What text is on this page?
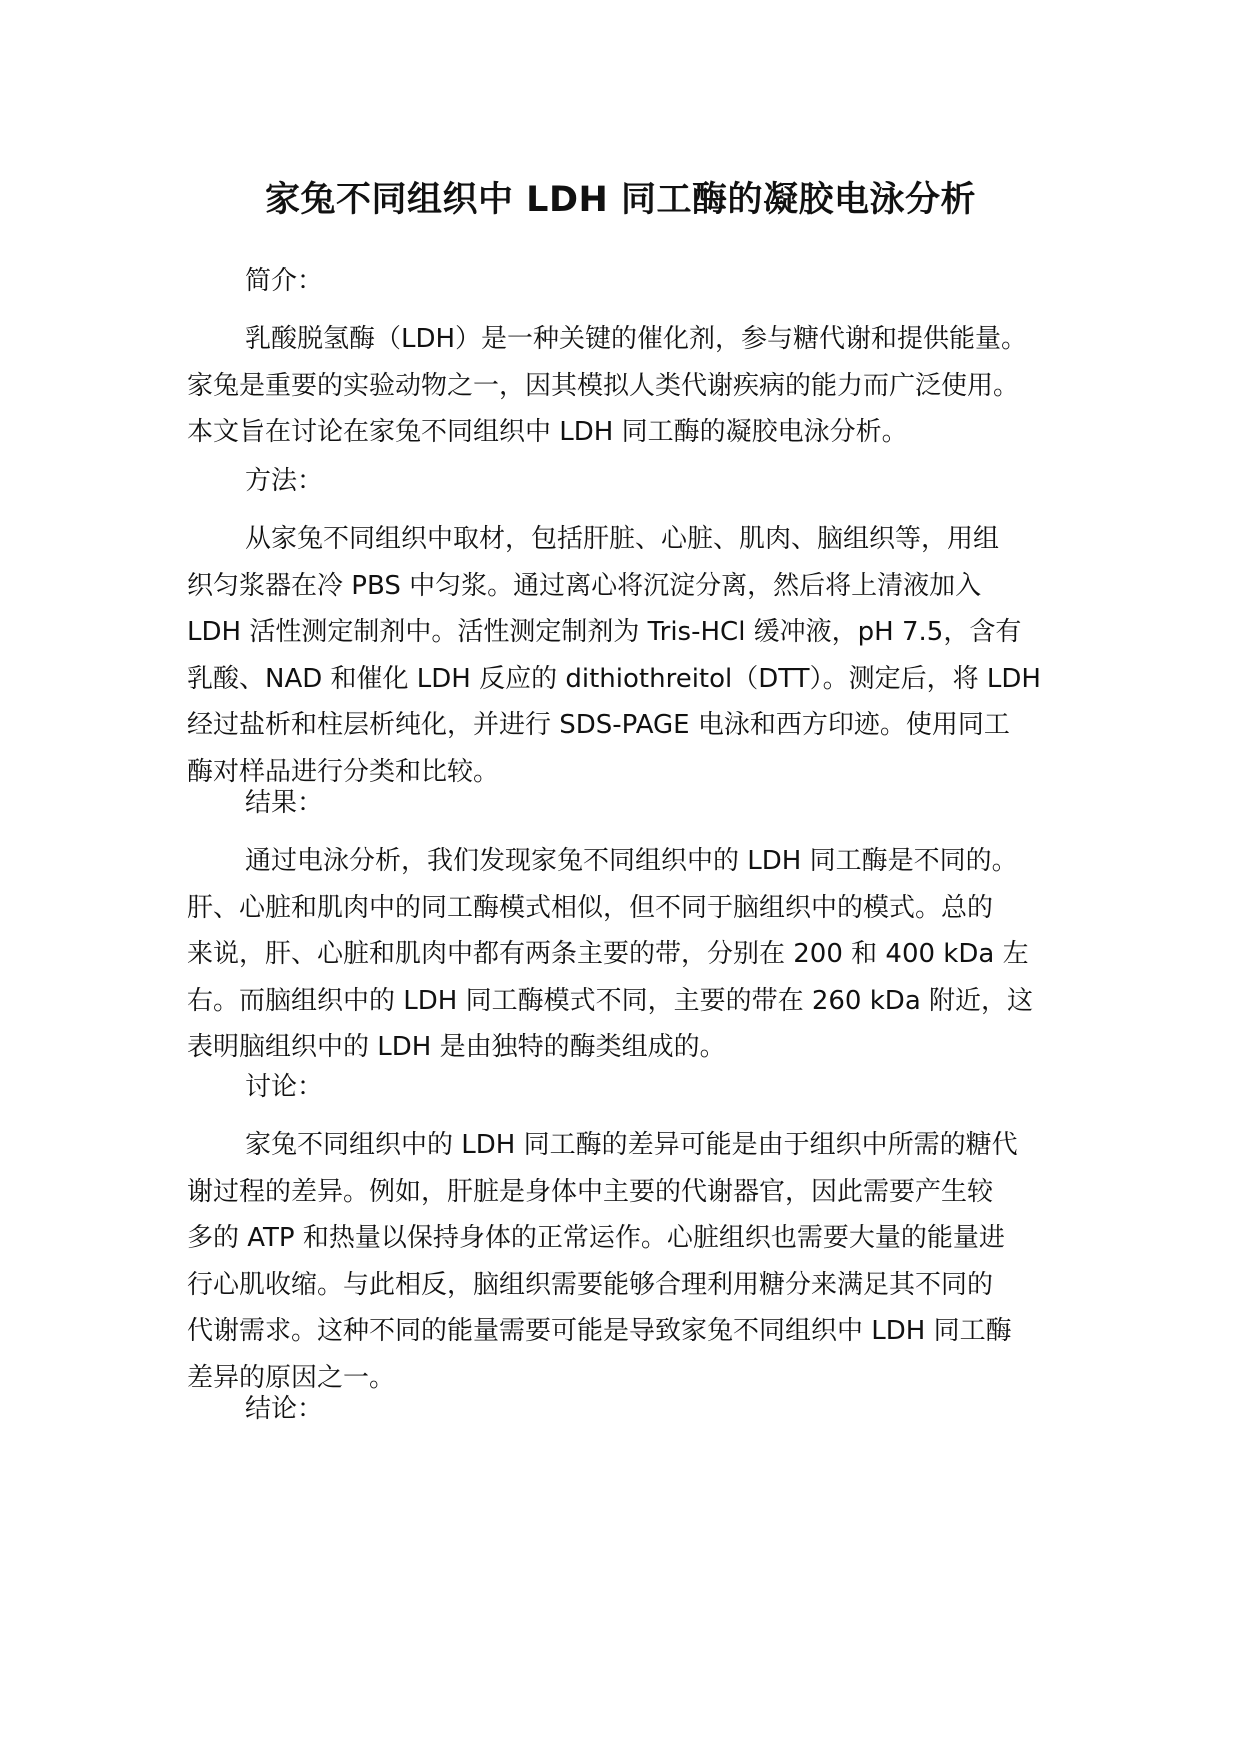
家兔不同组织中 LDH 同工酶的凝胶电泳分析

简介：

乳酸脱氢酶（LDH）是一种关键的催化剂，参与糖代谢和提供能量。
家兔是重要的实验动物之一，因其模拟人类代谢疾病的能力而广泛使用。
本文旨在讨论在家兔不同组织中 LDH 同工酶的凝胶电泳分析。

方法：

从家兔不同组织中取材，包括肝脏、心脏、肌肉、脑组织等，用组
织匀浆器在冷 PBS 中匀浆。通过离心将沉淀分离，然后将上清液加入
LDH 活性测定制剂中。活性测定制剂为 Tris-HCl 缓冲液，pH 7.5，含有
乳酸、NAD 和催化 LDH 反应的 dithiothreitol（DTT）。测定后，将 LDH
经过盐析和柱层析纯化，并进行 SDS-PAGE 电泳和西方印迹。使用同工
酶对样品进行分类和比较。

结果：

通过电泳分析，我们发现家兔不同组织中的 LDH 同工酶是不同的。
肝、心脏和肌肉中的同工酶模式相似，但不同于脑组织中的模式。总的
来说，肝、心脏和肌肉中都有两条主要的带，分别在 200 和 400 kDa 左
右。而脑组织中的 LDH 同工酶模式不同，主要的带在 260 kDa 附近，这
表明脑组织中的 LDH 是由独特的酶类组成的。

讨论：

家兔不同组织中的 LDH 同工酶的差异可能是由于组织中所需的糖代
谢过程的差异。例如，肝脏是身体中主要的代谢器官，因此需要产生较
多的 ATP 和热量以保持身体的正常运作。心脏组织也需要大量的能量进
行心肌收缩。与此相反，脑组织需要能够合理利用糖分来满足其不同的
代谢需求。这种不同的能量需要可能是导致家兔不同组织中 LDH 同工酶
差异的原因之一。

结论：
